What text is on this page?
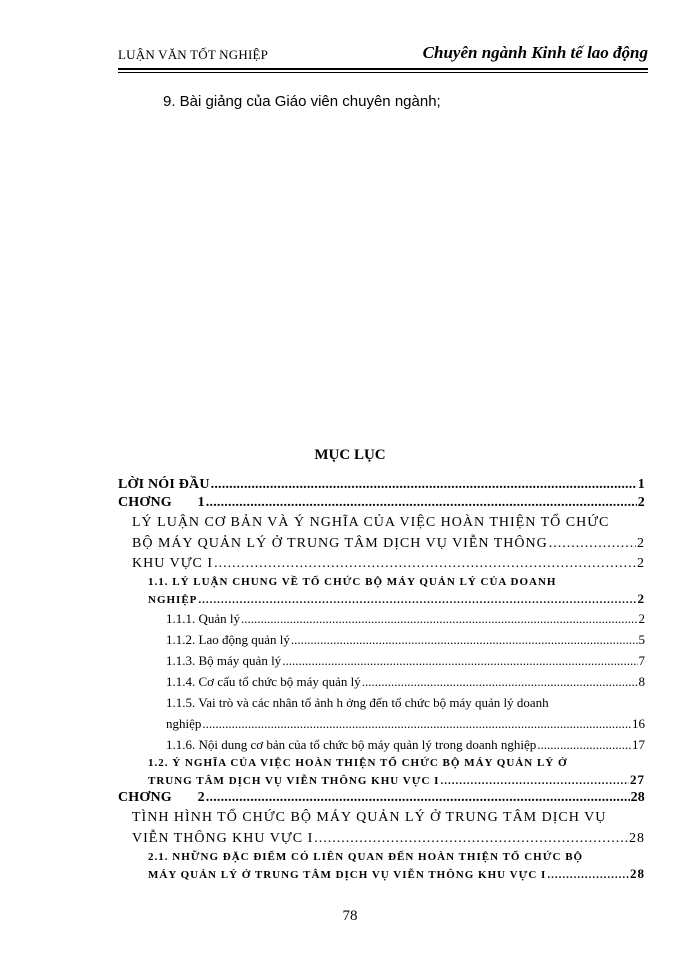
LUẬN VĂN TỐT NGHIỆP	Chuyên ngành Kinh tế lao động
9. Bài giảng của Giáo viên chuyên ngành;
MỤC LỤC
LỜI NÓI ĐẦU .....	1
CHƠNG 1 .....	2
LÝ LUẬN CƠ BẢN VÀ Ý NGHĨA CỦA VIỆC HOÀN THIỆN TỔ CHỨC
BỘ MÁY QUẢN LÝ Ở TRUNG TÂM DỊCH VỤ VIỄN THÔNG .....	2
KHU VỰC I .....	2
1.1. LÝ LUẬN CHUNG VỀ TỔ CHỨC BỘ MÁY QUẢN LÝ CỦA DOANH
NGHIỆP .....	2
1.1.1. Quản lý .....	2
1.1.2. Lao động quản lý .....	5
1.1.3. Bộ máy quản lý .....	7
1.1.4. Cơ cấu tổ chức bộ máy quản lý .....	8
1.1.5. Vai trò và các nhân tố ảnh h ởng đến tổ chức bộ máy quản lý doanh
nghiệp .....	16
1.1.6. Nội dung cơ bản của tổ chức bộ máy quản lý trong doanh nghiệp .....	17
1.2. Ý NGHĨA CỦA VIỆC HOÀN THIỆN TỔ CHỨC BỘ MÁY QUẢN LÝ Ở
TRUNG TÂM DỊCH VỤ VIỄN THÔNG KHU VỰC I .....	27
CHƠNG 2 .....	28
TÌNH HÌNH TỔ CHỨC BỘ MÁY QUẢN LÝ Ở TRUNG TÂM DỊCH VỤ
VIỄN THÔNG KHU VỰC I .....	28
2.1. NHỮNG ĐẶC ĐIỂM CÓ LIÊN QUAN ĐẾN HOÀN THIỆN TỔ CHỨC BỘ
MÁY QUẢN LÝ Ở TRUNG TÂM DỊCH VỤ VIỄN THÔNG KHU VỰC I .....	28
78
